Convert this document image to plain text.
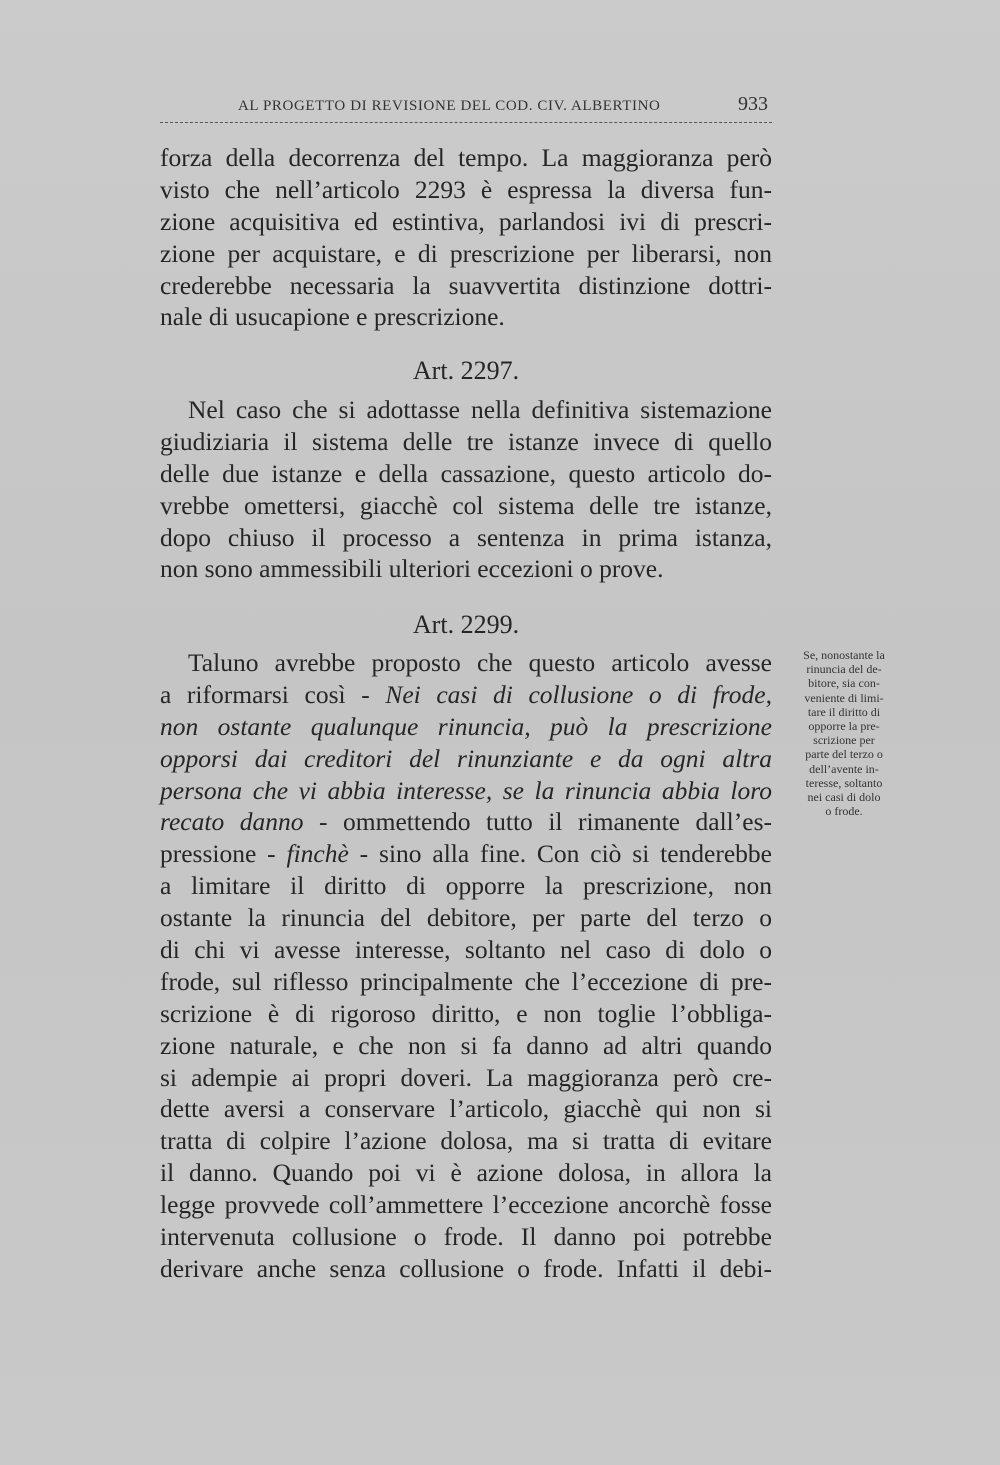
AL PROGETTO DI REVISIONE DEL COD. CIV. ALBERTINO	933
forza della decorrenza del tempo. La maggioranza però
visto che nell’articolo 2293 è espressa la diversa fun-
zione acquisitiva ed estintiva, parlandosi ivi di prescri-
zione per acquistare, e di prescrizione per liberarsi, non
crederebbe necessaria la suavvertita distinzione dottri-
nale di usucapione e prescrizione.
Art. 2297.
Nel caso che si adottasse nella definitiva sistemazione
giudiziaria il sistema delle tre istanze invece di quello
delle due istanze e della cassazione, questo articolo do-
vrebbe omettersi, giacchè col sistema delle tre istanze,
dopo chiuso il processo a sentenza in prima istanza,
non sono ammessibili ulteriori eccezioni o prove.
Art. 2299.
Taluno avrebbe proposto che questo articolo avesse
a riformarsi così - Nei casi di collusione o di frode,
non ostante qualunque rinuncia, può la prescrizione
opporsi dai creditori del rinunziante e da ogni altra
persona che vi abbia interesse, se la rinuncia abbia loro
recato danno - ommettendo tutto il rimanente dall’es-
pressione - finchè - sino alla fine. Con ciò si tenderebbe
a limitare il diritto di opporre la prescrizione, non
ostante la rinuncia del debitore, per parte del terzo o
di chi vi avesse interesse, soltanto nel caso di dolo o
frode, sul riflesso principalmente che l’eccezione di pre-
scrizione è di rigoroso diritto, e non toglie l’obbliga-
zione naturale, e che non si fa danno ad altri quando
si adempie ai propri doveri. La maggioranza però cre-
dette aversi a conservare l’articolo, giacchè qui non si
tratta di colpire l’azione dolosa, ma si tratta di evitare
il danno. Quando poi vi è azione dolosa, in allora la
legge provvede coll’ammettere l’eccezione ancorchè fosse
intervenuta collusione o frode. Il danno poi potrebbe
derivare anche senza collusione o frode. Infatti il debi-
Se, nonostante la
rinuncia del de-
bitore, sia con-
veniente di limi-
tare il diritto di
opporre la pre-
scrizione per
parte del terzo o
dell’avente in-
teresse, soltanto
nei casi di dolo
o frode.
